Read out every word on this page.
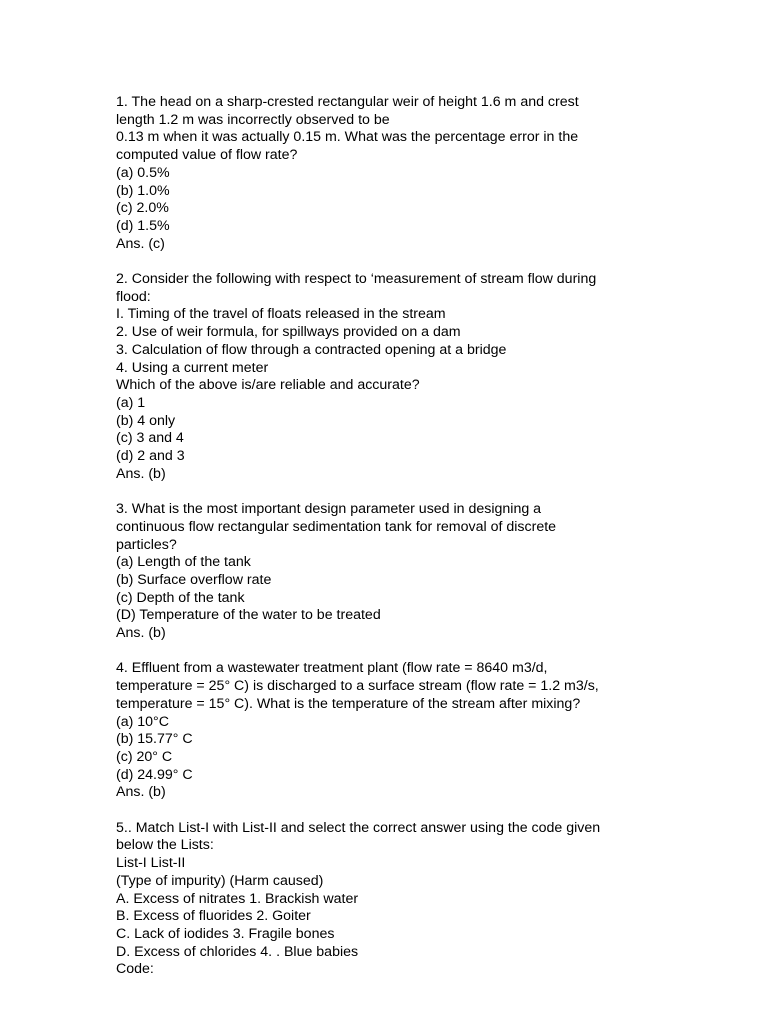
1. The head on a sharp-crested rectangular weir of height 1.6 m and crest
length 1.2 m was incorrectly observed to be
0.13 m when it was actually 0.15 m. What was the percentage error in the
computed value of flow rate?
(a) 0.5%
(b) 1.0%
(c) 2.0%
(d) 1.5%
Ans. (c)
2. Consider the following with respect to ‘measurement of stream flow during
flood:
I. Timing of the travel of floats released in the stream
2. Use of weir formula, for spillways provided on a dam
3. Calculation of flow through a contracted opening at a bridge
4. Using a current meter
Which of the above is/are reliable and accurate?
(a) 1
(b) 4 only
(c) 3 and 4
(d) 2 and 3
Ans. (b)
3. What is the most important design parameter used in designing a
continuous flow rectangular sedimentation tank for removal of discrete
particles?
(a) Length of the tank
(b) Surface overflow rate
(c) Depth of the tank
(D) Temperature of the water to be treated
Ans. (b)
4. Effluent from a wastewater treatment plant (flow rate = 8640 m3/d,
temperature = 25° C) is discharged to a surface stream (flow rate = 1.2 m3/s,
temperature = 15° C). What is the temperature of the stream after mixing?
(a) 10°C
(b) 15.77° C
(c) 20° C
(d) 24.99° C
Ans. (b)
5.. Match List-I with List-II and select the correct answer using the code given
below the Lists:
List-I List-II
(Type of impurity) (Harm caused)
A. Excess of nitrates 1. Brackish water
B. Excess of fluorides 2. Goiter
C. Lack of iodides 3. Fragile bones
D. Excess of chlorides 4. . Blue babies
Code:
